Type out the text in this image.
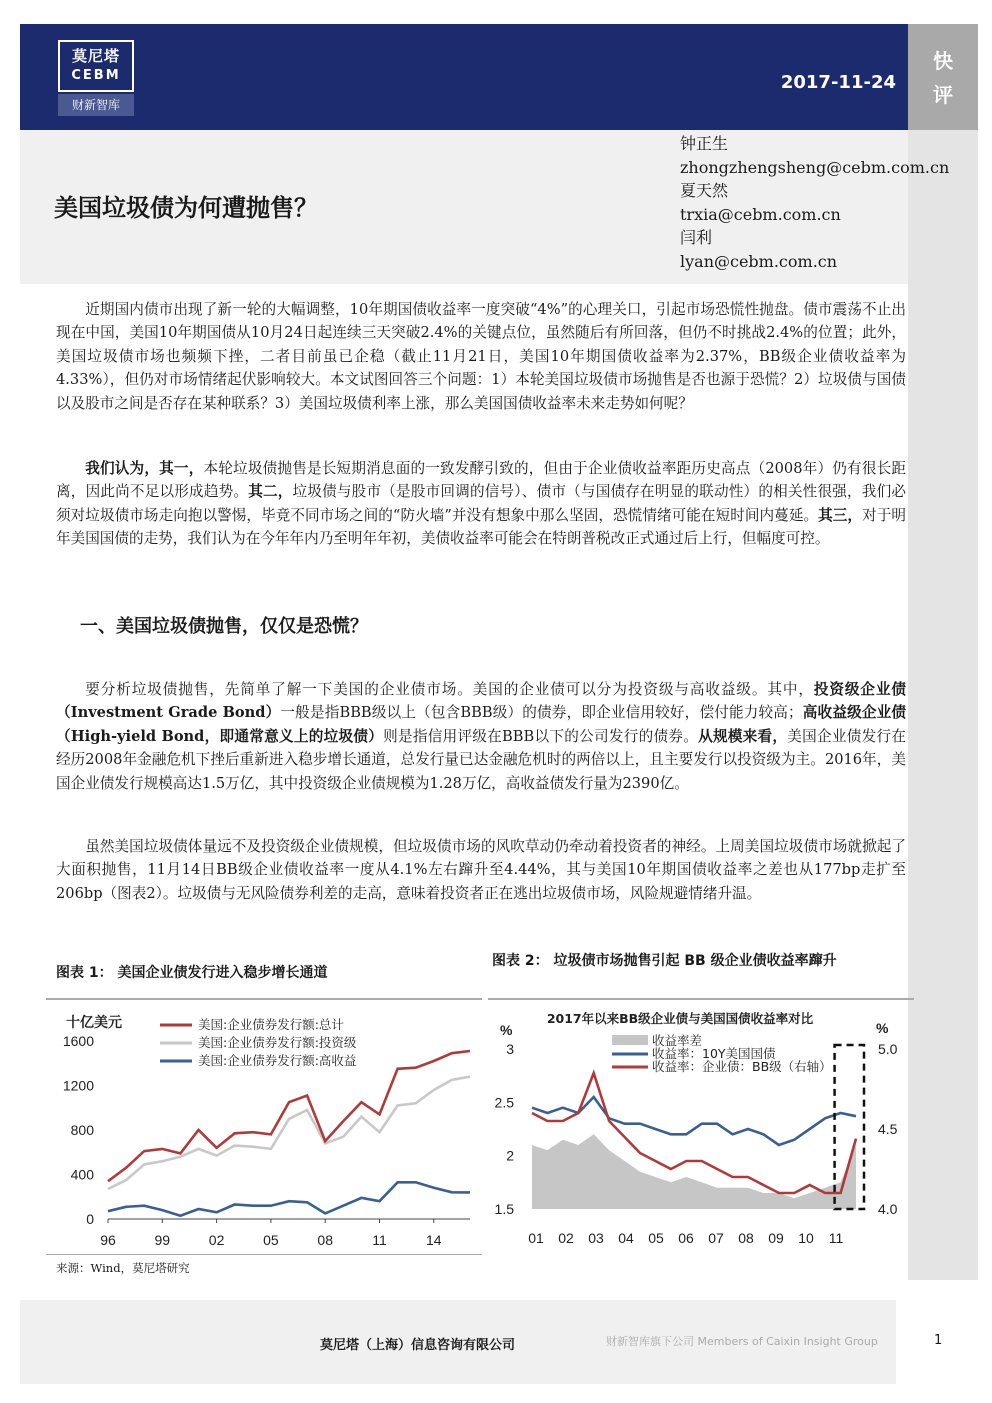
莫尼塔
CEBM
财新智库
2017-11-24
快
评
美国垃圾债为何遭抛售？
钟正生
zhongzhengsheng@cebm.com.cn
夏天然
trxia@cebm.com.cn
闫利
lyan@cebm.com.cn
近期国内债市出现了新一轮的大幅调整，10年期国债收益率一度突破“4%”的心理关口，引起市场恐慌性抛盘。债市震荡不止出现在中国，美国10年期国债从10月24日起连续三天突破2.4%的关键点位，虽然随后有所回落，但仍不时挑战2.4%的位置；此外，美国垃圾债市场也频频下挫，二者目前虽已企稳（截止11月21日，美国10年期国债收益率为2.37%，BB级企业债收益率为4.33%），但仍对市场情绪起伏影响较大。本文试图回答三个问题：1）本轮美国垃圾债市场抛售是否也源于恐慌？2）垃圾债与国债以及股市之间是否存在某种联系？3）美国垃圾债利率上涨，那么美国国债收益率未来走势如何呢？
我们认为，其一，本轮垃圾债抛售是长短期消息面的一致发酵引致的，但由于企业债收益率距历史高点（2008年）仍有很长距离，因此尚不足以形成趋势。其二，垃圾债与股市（是股市回调的信号）、债市（与国债存在明显的联动性）的相关性很强，我们必须对垃圾债市场走向抱以警惕，毕竟不同市场之间的“防火墙”并没有想象中那么坚固，恐慌情绪可能在短时间内蔓延。其三，对于明年美国国债的走势，我们认为在今年年内乃至明年年初，美债收益率可能会在特朗普税改正式通过后上行，但幅度可控。
一、美国垃圾债抛售，仅仅是恐慌？
要分析垃圾债抛售，先简单了解一下美国的企业债市场。美国的企业债可以分为投资级与高收益级。其中，投资级企业债（Investment Grade Bond）一般是指BBB级以上（包含BBB级）的债券，即企业信用较好，偿付能力较高；高收益级企业债（High-yield Bond，即通常意义上的垃圾债）则是指信用评级在BBB以下的公司发行的债券。从规模来看，美国企业债发行在经历2008年金融危机下挫后重新进入稳步增长通道，总发行量已达金融危机时的两倍以上，且主要发行以投资级为主。2016年，美国企业债发行规模高达1.5万亿，其中投资级企业债规模为1.28万亿，高收益债发行量为2390亿。
虽然美国垃圾债体量远不及投资级企业债规模，但垃圾债市场的风吹草动仍牵动着投资者的神经。上周美国垃圾债市场就掀起了大面积抛售，11月14日BB级企业债收益率一度从4.1%左右蹿升至4.44%，其与美国10年期国债收益率之差也从177bp走扩至206bp（图表2）。垃圾债与无风险债券利差的走高，意味着投资者正在逃出垃圾债市场，风险规避情绪升温。
图表 1： 美国企业债发行进入稳步增长通道
图表 2： 垃圾债市场抛售引起 BB 级企业债收益率蹿升
十亿美元
0
400
800
1200
1600
96	99	02	05	08	11	14
美国:企业债券发行额:总计
美国:企业债券发行额:投资级
美国:企业债券发行额:高收益
2017年以来BB级企业债与美国国债收益率对比
%	%
1.5
2
2.5
3
4.0
4.5
5.0
01 02 03 04 05 06 07 08 09 10 11
收益率差
收益率：10Y美国国债
收益率：企业债：BB级（右轴）
来源：Wind，莫尼塔研究
莫尼塔（上海）信息咨询有限公司	财新智库旗下公司 Members of Caixin Insight Group	1
